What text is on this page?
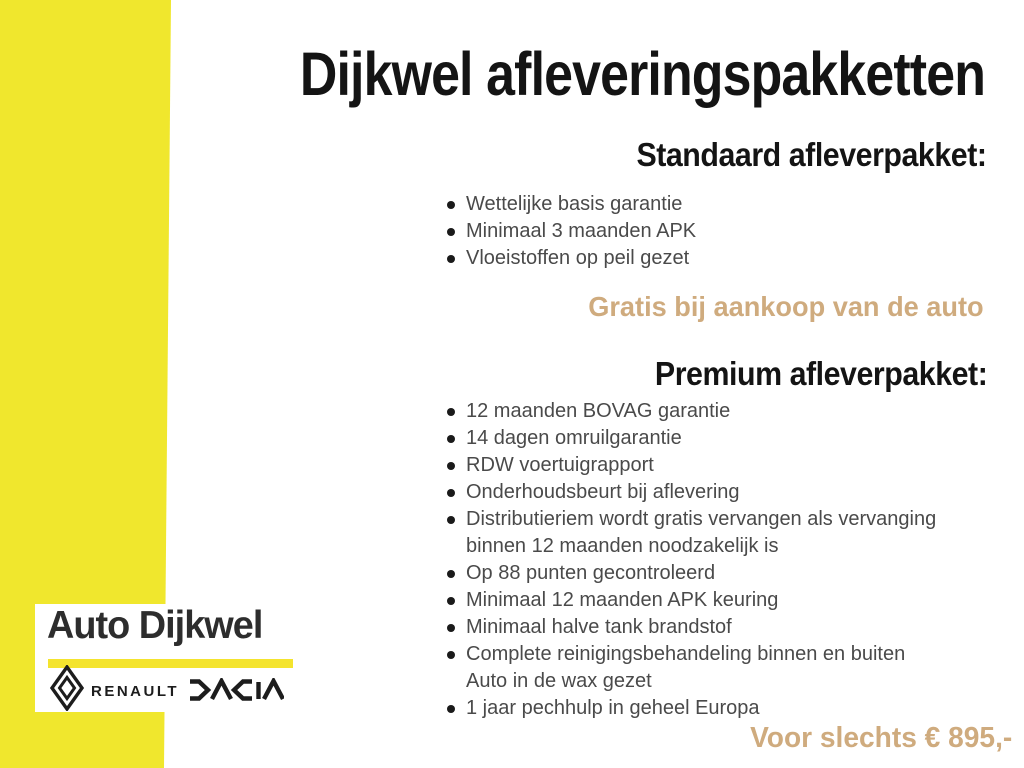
Dijkwel afleveringspakketten
Standaard afleverpakket:
Wettelijke basis garantie
Minimaal 3 maanden APK
Vloeistoffen op peil gezet
Gratis bij aankoop van de auto
Premium afleverpakket:
12 maanden BOVAG garantie
14 dagen omruilgarantie
RDW voertuigrapport
Onderhoudsbeurt bij aflevering
Distributieriem wordt gratis vervangen als vervanging
binnen 12 maanden noodzakelijk is
Op 88 punten gecontroleerd
Minimaal 12 maanden APK keuring
Minimaal halve tank brandstof
Complete reinigingsbehandeling binnen en buiten
Auto in de wax gezet
1 jaar pechhulp in geheel Europa
Voor slechts € 895,-
Auto Dijkwel
RENAULT
